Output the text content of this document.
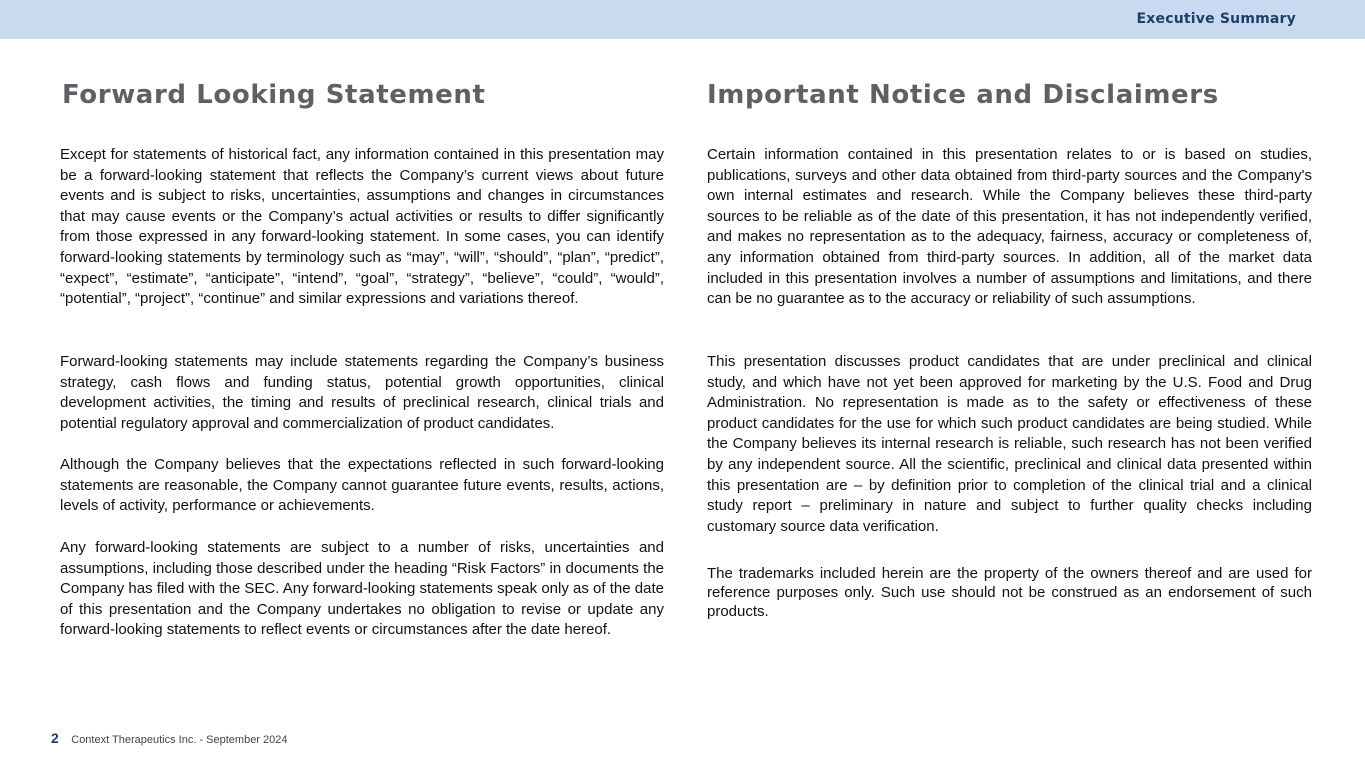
Executive Summary
Forward Looking Statement

Except for statements of historical fact, any information contained in this presentation may be a forward-looking statement that reflects the Company’s current views about future events and is subject to risks, uncertainties, assumptions and changes in circumstances that may cause events or the Company’s actual activities or results to differ significantly from those expressed in any forward-looking statement. In some cases, you can identify forward-looking statements by terminology such as “may”, “will”, “should”, “plan”, “predict”, “expect”, “estimate”, “anticipate”, “intend”, “goal”, “strategy”, “believe”, “could”, “would”, “potential”, “project”, “continue” and similar expressions and variations thereof.

Forward-looking statements may include statements regarding the Company’s business strategy, cash flows and funding status, potential growth opportunities, clinical development activities, the timing and results of preclinical research, clinical trials and potential regulatory approval and commercialization of product candidates.

Although the Company believes that the expectations reflected in such forward-looking statements are reasonable, the Company cannot guarantee future events, results, actions, levels of activity, performance or achievements.

Any forward-looking statements are subject to a number of risks, uncertainties and assumptions, including those described under the heading “Risk Factors” in documents the Company has filed with the SEC. Any forward-looking statements speak only as of the date of this presentation and the Company undertakes no obligation to revise or update any forward-looking statements to reflect events or circumstances after the date hereof.

Important Notice and Disclaimers

Certain information contained in this presentation relates to or is based on studies, publications, surveys and other data obtained from third-party sources and the Company's own internal estimates and research. While the Company believes these third-party sources to be reliable as of the date of this presentation, it has not independently verified, and makes no representation as to the adequacy, fairness, accuracy or completeness of, any information obtained from third-party sources. In addition, all of the market data included in this presentation involves a number of assumptions and limitations, and there can be no guarantee as to the accuracy or reliability of such assumptions.

This presentation discusses product candidates that are under preclinical and clinical study, and which have not yet been approved for marketing by the U.S. Food and Drug Administration. No representation is made as to the safety or effectiveness of these product candidates for the use for which such product candidates are being studied. While the Company believes its internal research is reliable, such research has not been verified by any independent source. All the scientific, preclinical and clinical data presented within this presentation are – by definition prior to completion of the clinical trial and a clinical study report – preliminary in nature and subject to further quality checks including customary source data verification.

The trademarks included herein are the property of the owners thereof and are used for reference purposes only. Such use should not be construed as an endorsement of such products.

2 Context Therapeutics Inc. - September 2024
